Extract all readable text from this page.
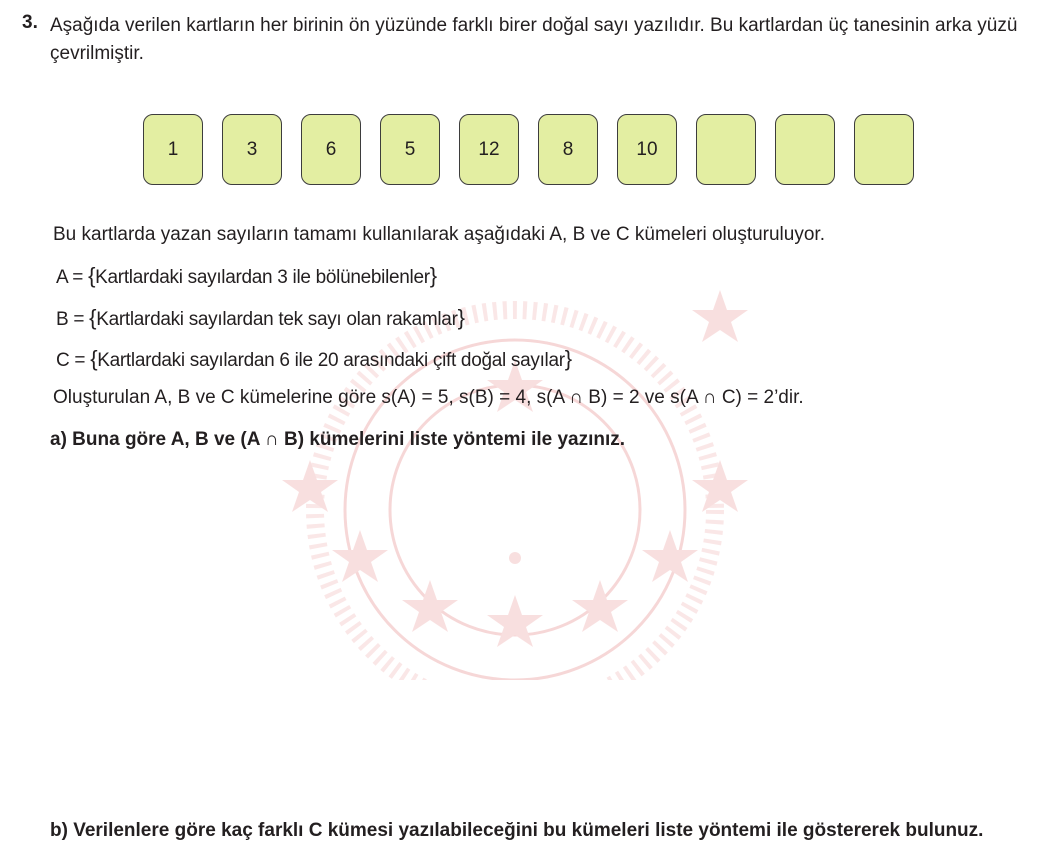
3. Aşağıda verilen kartların her birinin ön yüzünde farklı birer doğal sayı yazılıdır. Bu kartlardan üç tanesinin arka yüzü çevrilmiştir.
1	3	6	5	12	8	10
Bu kartlarda yazan sayıların tamamı kullanılarak aşağıdaki A, B ve C kümeleri oluşturuluyor.
A = {Kartlardaki sayılardan 3 ile bölünebilenler}
B = {Kartlardaki sayılardan tek sayı olan rakamlar}
C = {Kartlardaki sayılardan 6 ile 20 arasındaki çift doğal sayılar}
Oluşturulan A, B ve C kümelerine göre s(A) = 5, s(B) = 4, s(A ∩ B) = 2 ve s(A ∩ C) = 2’dir.
a) Buna göre A, B ve (A ∩ B) kümelerini liste yöntemi ile yazınız.
b) Verilenlere göre kaç farklı C kümesi yazılabileceğini bu kümeleri liste yöntemi ile göstererek bulunuz.
